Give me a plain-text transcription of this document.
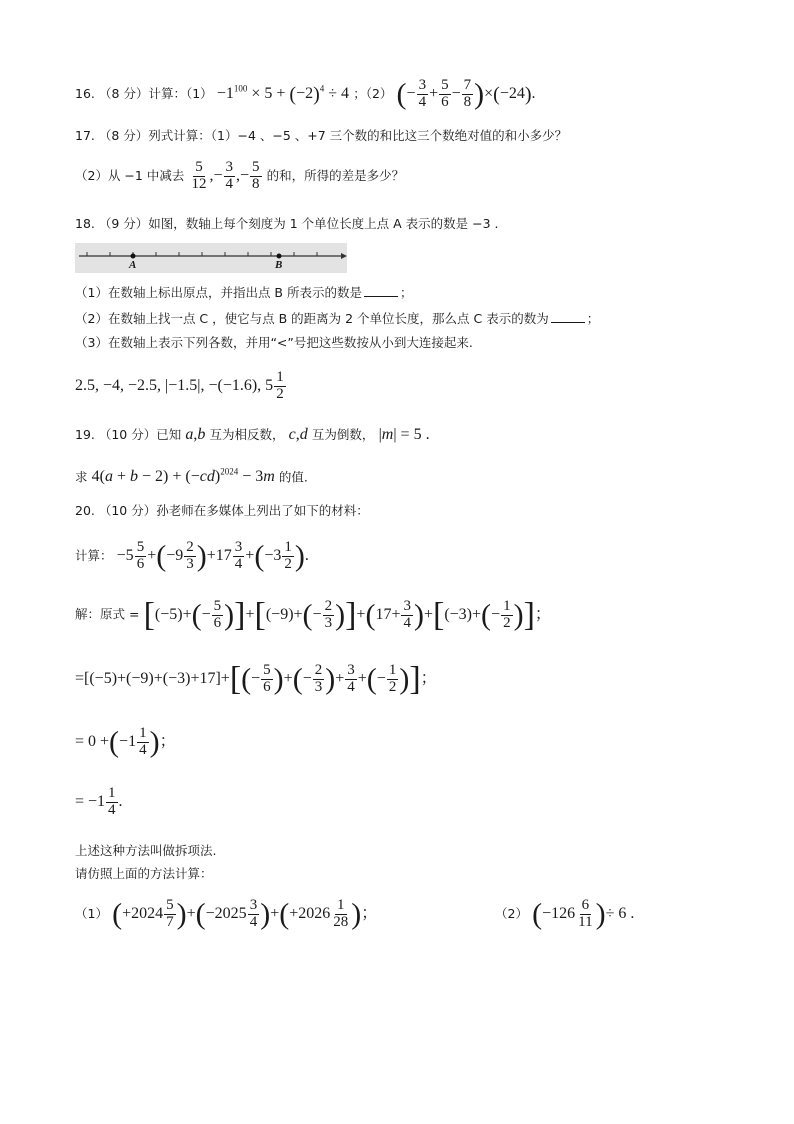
16. （8 分）计算：$(1) -1^{100} \times 5 + (-2)^4 \div 4$ ；（2） (− $\frac{3}{4} + \frac{5}{6} - \frac{7}{8} )\times(-24)$.
17. （8 分）列式计算：（1）−4 、−5 、+7 三个数的和比这三个数绝对值的和小多少？
（2）从 −1 中减去 $\frac{5}{12}$ ,− $\frac{3}{4}$ ,− $\frac{5}{8}$ 的和，所得的差是多少？
18. （9 分）如图，数轴上每个刻度为 1 个单位长度上点 A 表示的数是 −3 .
A	B
（1）在数轴上标出原点，并指出点 B 所表示的数是	；
（2）在数轴上找一点 C ，使它与点 B 的距离为 2 个单位长度，那么点 C 表示的数为	；
（3）在数轴上表示下列各数，并用“<”号把这些数按从小到大连接起来.
2.5, −4, −2.5, |−1.5|, −(−1.6), $5 \frac{1}{2}$
19. （10 分）已知 a,b 互为相反数， c,d 互为倒数， |m| = 5 .
求 $4(a + b - 2) + (-cd)^{2024} - 3m$ 的值.
20. （10 分）孙老师在多媒体上列出了如下的材料：
计算： $-5 \frac{5}{6} +(-9 \frac{2}{3} )+17 \frac{3}{4} +(-3 \frac{1}{2}$ ).
解：原式 = $[(-5)+(- \frac{5}{6} )]+[(-9)+(- \frac{2}{3} )]+(17+ \frac{3}{4} )+[(-3)+(- \frac{1}{2}$ )]；
$=[(-5)+(-9)+(-3)+17]+[(- \frac{5}{6}$ )+(− $\frac{2}{3}$ )+ $\frac{3}{4}$ +(− $\frac{1}{2}$ )]；
= $0 +(-1 \frac{1}{4}$ )；
= $-1 \frac{1}{4}$ .
上述这种方法叫做拆项法.
请仿照上面的方法计算：
（1） $(+2024 \frac{5}{7} )+(-2025 \frac{3}{4} )+(+2026 \frac{1}{28}$ )；	（2） ($-126 \frac{6}{11}$ )÷ 6 .
